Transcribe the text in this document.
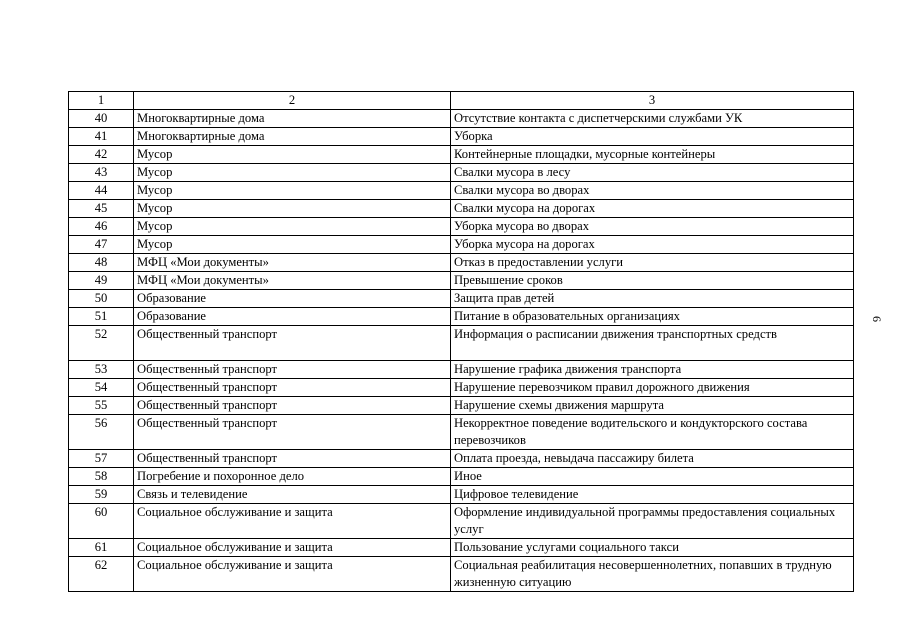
1	2	3
40	Многоквартирные дома	Отсутствие контакта с диспетчерскими службами УК
41	Многоквартирные дома	Уборка
42	Мусор	Контейнерные площадки, мусорные контейнеры
43	Мусор	Свалки мусора в лесу
44	Мусор	Свалки мусора во дворах
45	Мусор	Свалки мусора на дорогах
46	Мусор	Уборка мусора во дворах
47	Мусор	Уборка мусора на дорогах
48	МФЦ «Мои документы»	Отказ в предоставлении услуги
49	МФЦ «Мои документы»	Превышение сроков
50	Образование	Защита прав детей
51	Образование	Питание в образовательных организациях
52	Общественный транспорт	Информация о расписании движения транспортных средств
53	Общественный транспорт	Нарушение графика движения транспорта
54	Общественный транспорт	Нарушение перевозчиком правил дорожного движения
55	Общественный транспорт	Нарушение схемы движения маршрута
56	Общественный транспорт	Некорректное поведение водительского и кондукторского состава перевозчиков
57	Общественный транспорт	Оплата проезда, невыдача пассажиру билета
58	Погребение и похоронное дело	Иное
59	Связь и телевидение	Цифровое телевидение
60	Социальное обслуживание и защита	Оформление индивидуальной программы предоставления социальных услуг
61	Социальное обслуживание и защита	Пользование услугами социального такси
62	Социальное обслуживание и защита	Социальная реабилитация несовершеннолетних, попавших в трудную жизненную ситуацию
6
